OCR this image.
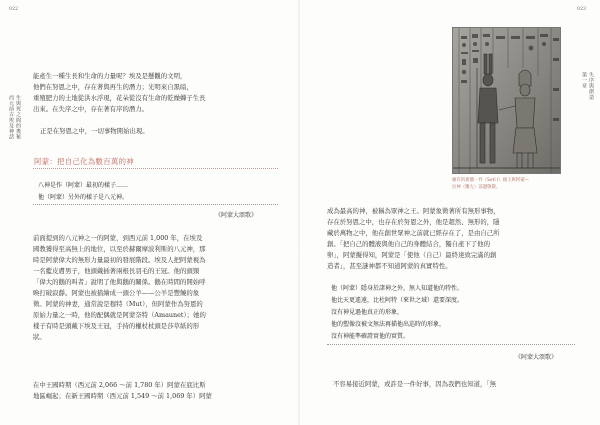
022
西元前古埃及神話 生與死之間的奧秘
能產生一種生長和生命的力量呢？埃及是懸觀的文明，
他們在努恩之中，存在著與再生的潛力；光明來自黑暗，
重殖肥力的土地從洪水浮現，花朵從沒有生命的乾燥蟬子生長
出來。在失序之中，存在著有序的潛力。
正是在努恩之中，一切事物開始出現。
阿蒙：把自己化為數百萬的神
八神是作（阿蒙）最初的樣子……
他（阿蒙）另外的樣子是八元神。
《阿蒙大頌歌》
前面提到的八元神之一的阿蒙，到西元前 1,000 年，在埃及
國教獲得至高無上的地位，以至於赫爾摩波利斯的八元神，那
時是阿蒙偉大的無形力量最初的發展階段。埃及人把阿蒙視為
一名藍皮膚男子，他頭戴插著兩根長羽毛的王冠。他的頭頸
「偉大的鵝的叫者」說明了他與鵝的關係。鵝在時間的開始呼
喚打破寂靜。阿蒙也被描繪成一頭公羊——公羊是豐饒的象
徵。阿蒙的神妻，通常說是穆特（Mut），但阿蒙作為努恩的
原始力量之一時，他的配偶就是阿蒙奈特（Amaunet）；她的
樣子有時是頭戴下埃及王冠，手持的權杖杖頭是莎草紙的形
狀。
在中王國時期（西元前 2,066 ～前 1,780 年）阿蒙在底比斯
地區崛起；在新王國時期（西元前 1,549 ～前 1,069 年）阿蒙
023
第一章 失序與創造
廟有的黃牆一件（Seti I）國王與阿蒙—
拉神（雕左）前邊敬敬。
成為最高的神，被稱為眾神之王。阿蒙象徵著所有無形事物，
存在於努恩之中，也存在於努恩之外，他是超然、無形的，隱
藏於萬物之中，他在創世眾神之前就已經存在了，是由自己所
創。「把自己的體液與他自己的身體結合，獨自產下了他的
卵」，阿蒙擬得知，阿蒙是「使他（自己）最終達致完滿的創
造者」，甚至謎神都不知道阿蒙的真實特性。
他（阿蒙）隱身於諸神之外，無人知道他的特性。
他比天更遙遠，比杜阿特（來世之域）還要深度。
沒有神見過他真正的形象，
他的塑像沒被文無法再描他出巡時的形象，
沒有神能準確證實他的實質。
《阿蒙大頌歌》
不容易接近阿蒙，或許是一件好事，因為我們也知道，「無
